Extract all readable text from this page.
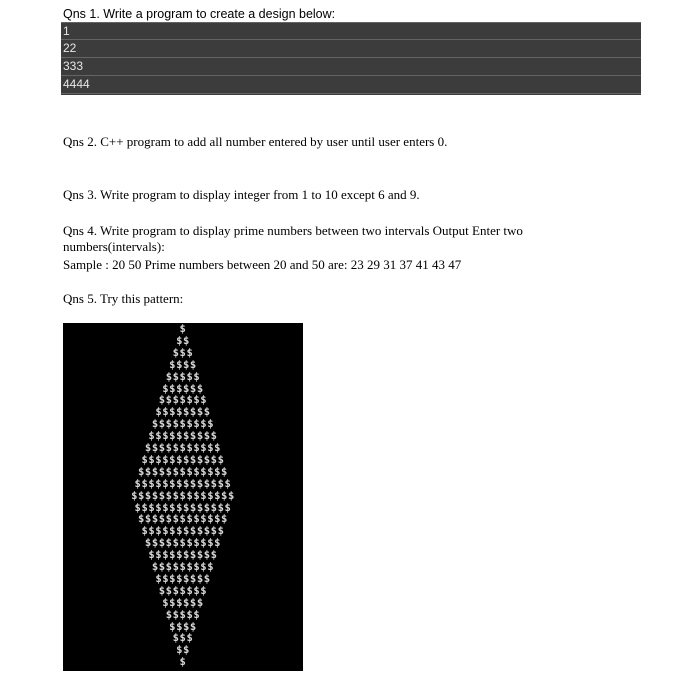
Qns 1. Write a program to create a design below:
1
22
333
4444
Qns 2. C++ program to add all number entered by user until user enters 0.
Qns 3. Write program to display integer from 1 to 10 except 6 and 9.
Qns 4. Write program to display prime numbers between two intervals Output Enter two
numbers(intervals):
Sample : 20 50 Prime numbers between 20 and 50 are: 23 29 31 37 41 43 47
Qns 5. Try this pattern:
$
$$
$$$
$$$$
$$$$$
$$$$$$
$$$$$$$
$$$$$$$$
$$$$$$$$$
$$$$$$$$$$
$$$$$$$$$$$
$$$$$$$$$$$$
$$$$$$$$$$$$$
$$$$$$$$$$$$$$
$$$$$$$$$$$$$$$
$$$$$$$$$$$$$$
$$$$$$$$$$$$$
$$$$$$$$$$$$
$$$$$$$$$$$
$$$$$$$$$$
$$$$$$$$$
$$$$$$$$
$$$$$$$
$$$$$$
$$$$$
$$$$
$$$
$$
$
